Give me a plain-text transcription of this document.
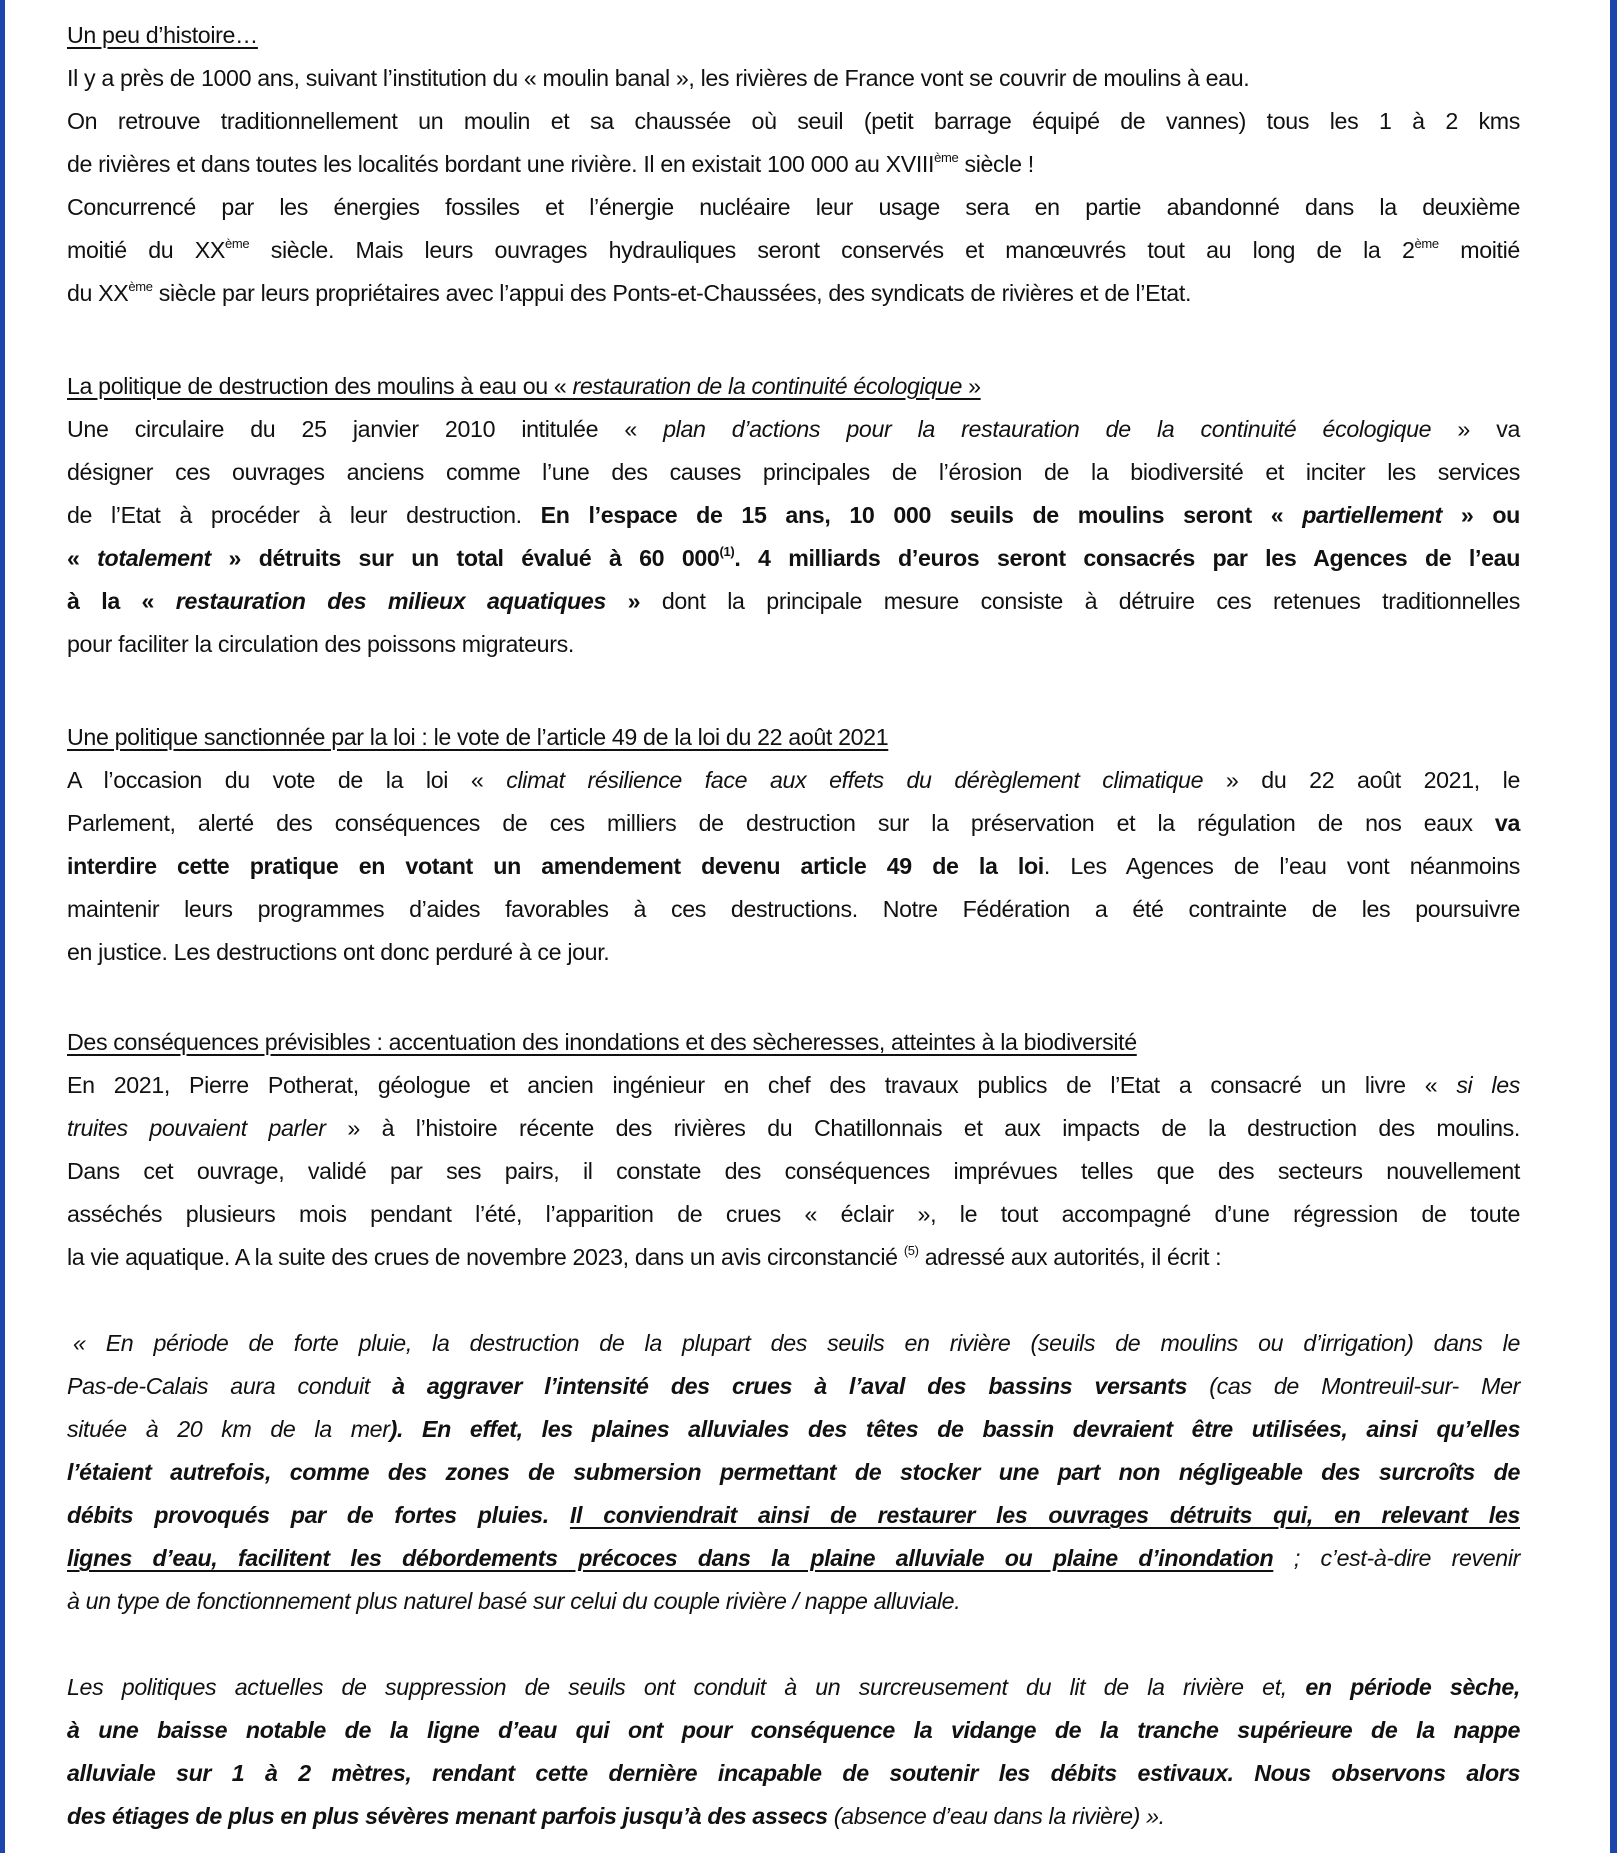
Un peu d’histoire…
Il y a près de 1000 ans, suivant l’institution du « moulin banal », les rivières de France vont se couvrir de moulins à eau.
On retrouve traditionnellement un moulin et sa chaussée où seuil (petit barrage équipé de vannes) tous les 1 à 2 kms
de rivières et dans toutes les localités bordant une rivière. Il en existait 100 000 au XVIIIème siècle !
Concurrencé par les énergies fossiles et l’énergie nucléaire leur usage sera en partie abandonné dans la deuxième
moitié du XXème siècle. Mais leurs ouvrages hydrauliques seront conservés et manœuvrés tout au long de la 2ème moitié
du XXème siècle par leurs propriétaires avec l’appui des Ponts-et-Chaussées, des syndicats de rivières et de l’Etat.
La politique de destruction des moulins à eau ou « restauration de la continuité écologique »
Une circulaire du 25 janvier 2010 intitulée « plan d’actions pour la restauration de la continuité écologique » va
désigner ces ouvrages anciens comme l’une des causes principales de l’érosion de la biodiversité et inciter les services
de l’Etat à procéder à leur destruction. En l’espace de 15 ans, 10 000 seuils de moulins seront « partiellement » ou
« totalement » détruits sur un total évalué à 60 000$^{(1)}$. 4 milliards d’euros seront consacrés par les Agences de l’eau
à la « restauration des milieux aquatiques » dont la principale mesure consiste à détruire ces retenues traditionnelles
pour faciliter la circulation des poissons migrateurs.
Une politique sanctionnée par la loi : le vote de l’article 49 de la loi du 22 août 2021
A l’occasion du vote de la loi « climat résilience face aux effets du dérèglement climatique » du 22 août 2021, le
Parlement, alerté des conséquences de ces milliers de destruction sur la préservation et la régulation de nos eaux va
interdire cette pratique en votant un amendement devenu article 49 de la loi. Les Agences de l’eau vont néanmoins
maintenir leurs programmes d’aides favorables à ces destructions. Notre Fédération a été contrainte de les poursuivre
en justice. Les destructions ont donc perduré à ce jour.
Des conséquences prévisibles : accentuation des inondations et des sècheresses, atteintes à la biodiversité
En 2021, Pierre Potherat, géologue et ancien ingénieur en chef des travaux publics de l’Etat a consacré un livre « si les
truites pouvaient parler » à l’histoire récente des rivières du Chatillonnais et aux impacts de la destruction des moulins.
Dans cet ouvrage, validé par ses pairs, il constate des conséquences imprévues telles que des secteurs nouvellement
asséchés plusieurs mois pendant l’été, l’apparition de crues « éclair », le tout accompagné d’une régression de toute
la vie aquatique. A la suite des crues de novembre 2023, dans un avis circonstancié $^{(5)}$ adressé aux autorités, il écrit :
« En période de forte pluie, la destruction de la plupart des seuils en rivière (seuils de moulins ou d’irrigation) dans le
Pas-de-Calais aura conduit à aggraver l’intensité des crues à l’aval des bassins versants (cas de Montreuil-sur- Mer
située à 20 km de la mer). En effet, les plaines alluviales des têtes de bassin devraient être utilisées, ainsi qu’elles
l’étaient autrefois, comme des zones de submersion permettant de stocker une part non négligeable des surcroîts de
débits provoqués par de fortes pluies. Il conviendrait ainsi de restaurer les ouvrages détruits qui, en relevant les
lignes d’eau, facilitent les débordements précoces dans la plaine alluviale ou plaine d’inondation ; c’est-à-dire revenir
à un type de fonctionnement plus naturel basé sur celui du couple rivière / nappe alluviale.
Les politiques actuelles de suppression de seuils ont conduit à un surcreusement du lit de la rivière et, en période sèche,
à une baisse notable de la ligne d’eau qui ont pour conséquence la vidange de la tranche supérieure de la nappe
alluviale sur 1 à 2 mètres, rendant cette dernière incapable de soutenir les débits estivaux. Nous observons alors
des étiages de plus en plus sévères menant parfois jusqu’à des assecs (absence d’eau dans la rivière) ».
